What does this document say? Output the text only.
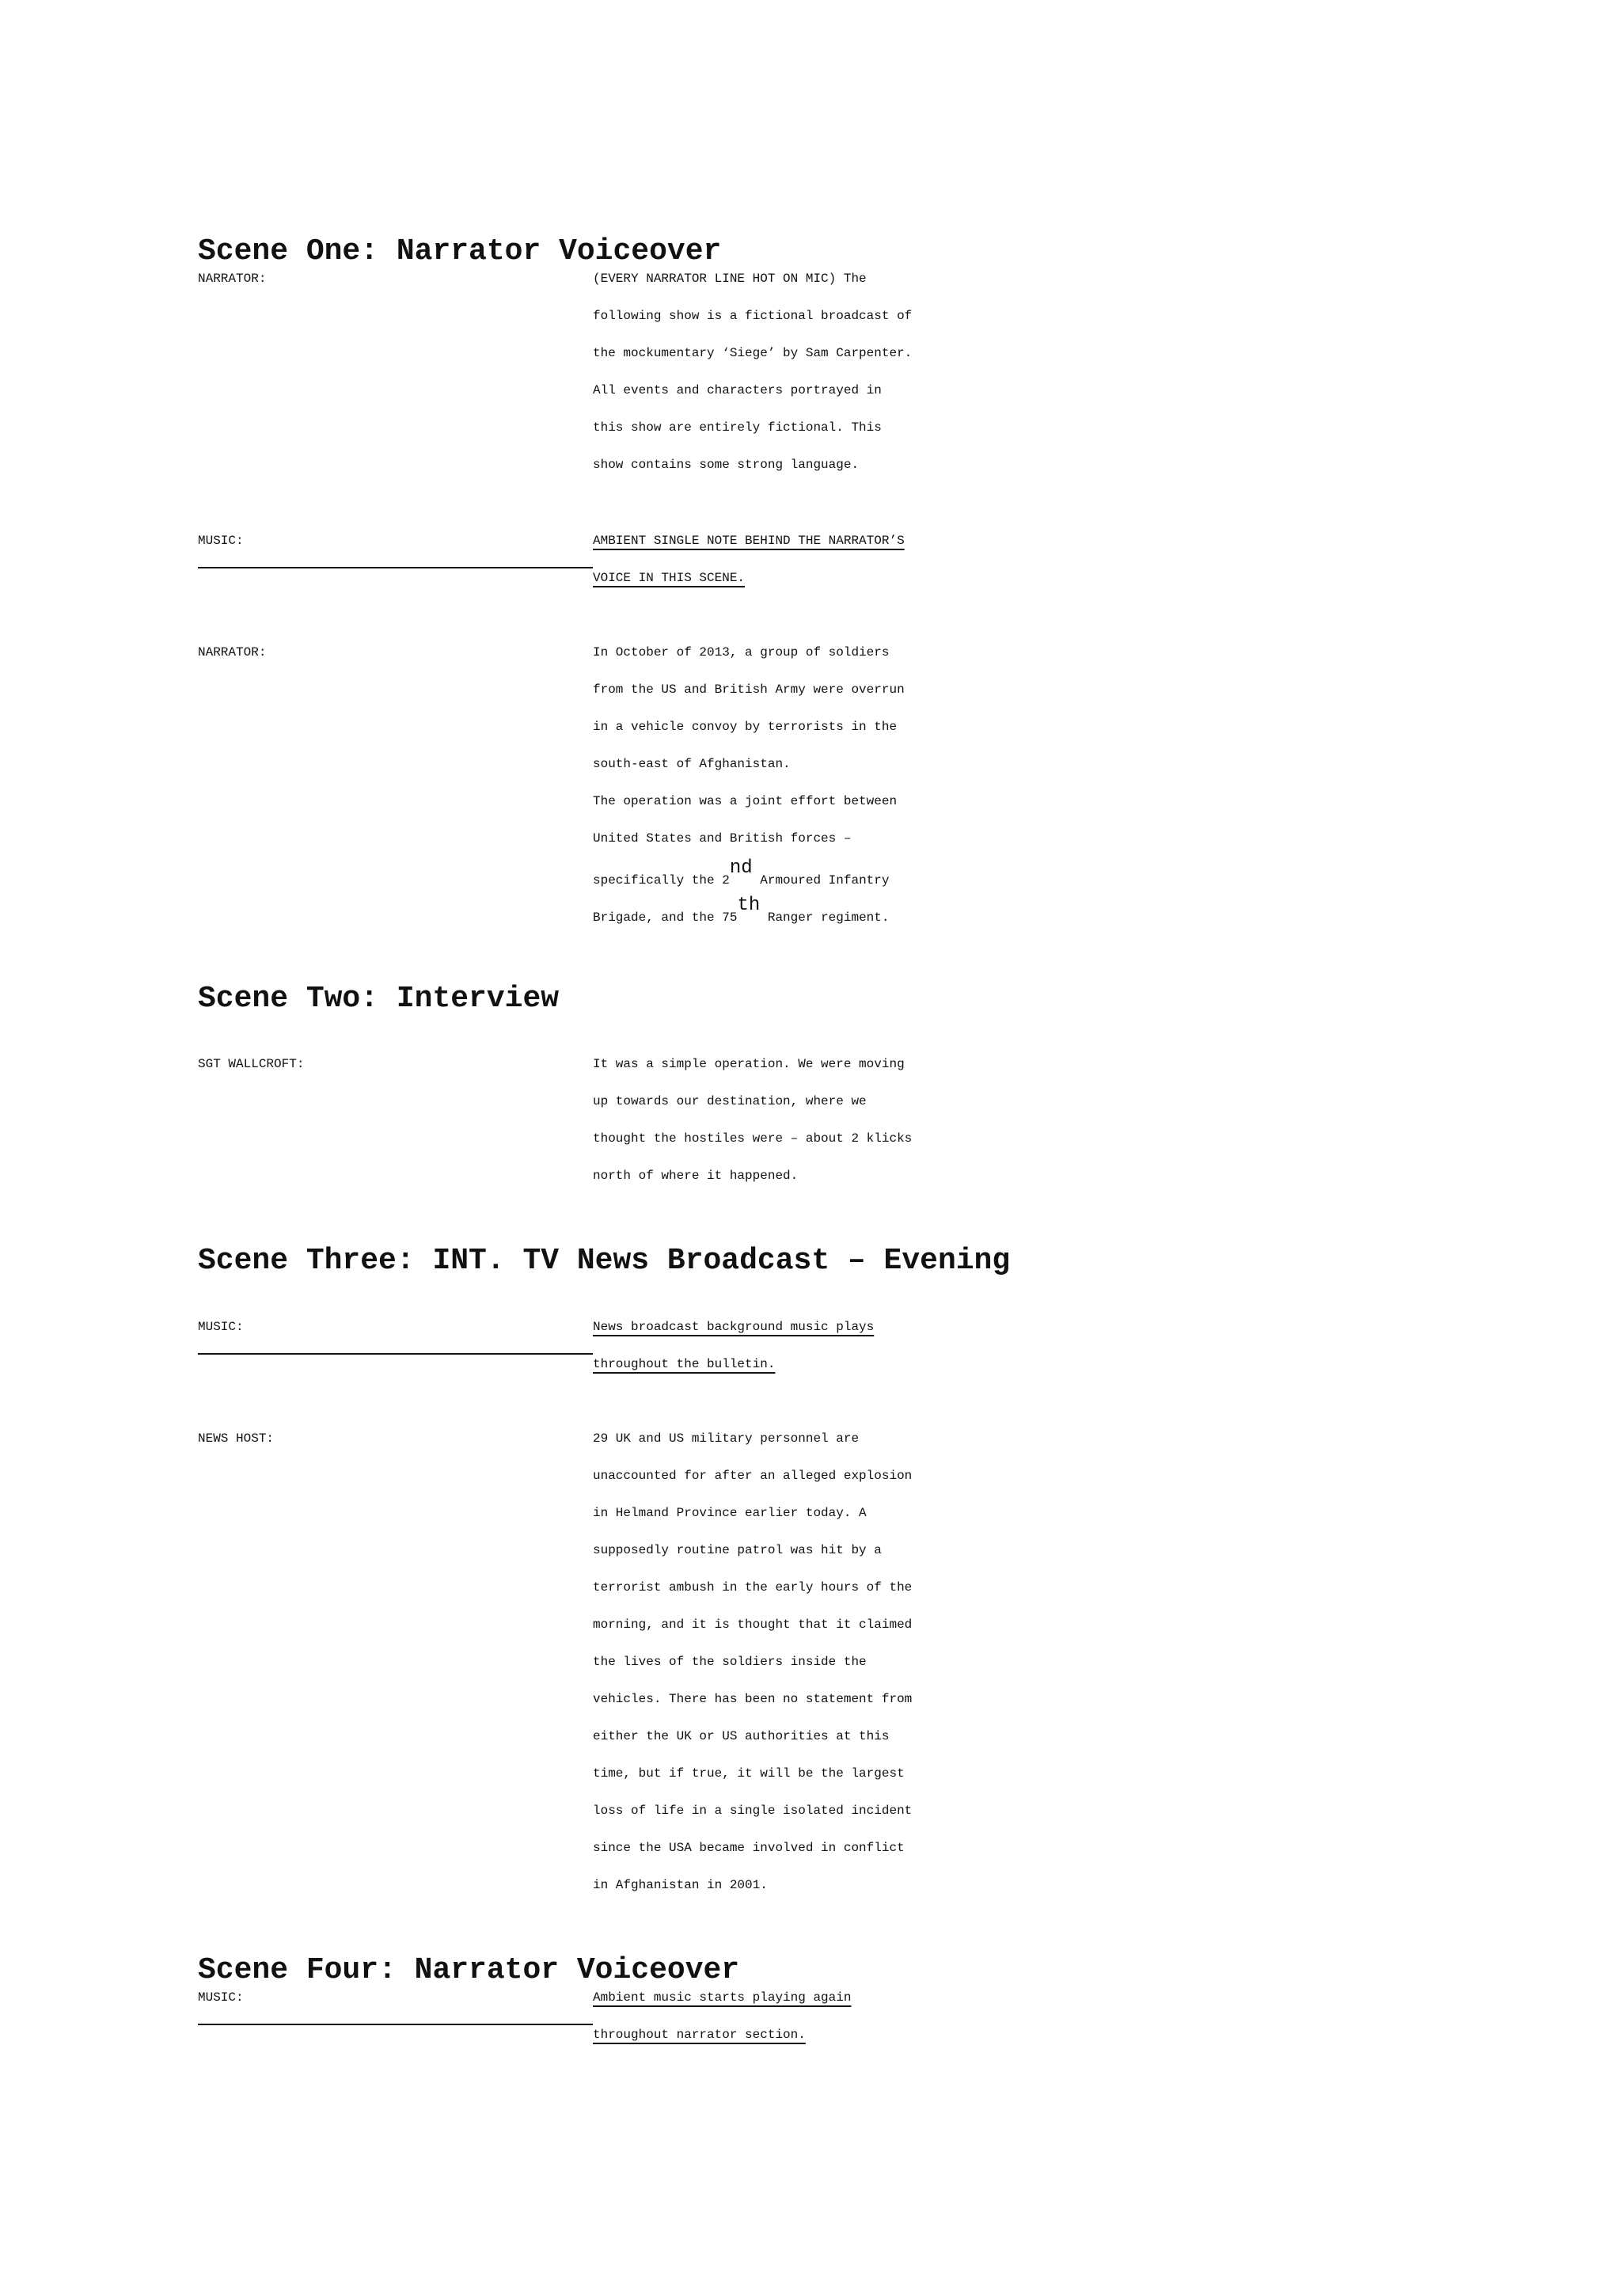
Scene One: Narrator Voiceover
NARRATOR:	(EVERY NARRATOR LINE HOT ON MIC) The
following show is a fictional broadcast of
the mockumentary ‘Siege’ by Sam Carpenter.
All events and characters portrayed in
this show are entirely fictional. This
show contains some strong language.
MUSIC:	AMBIENT SINGLE NOTE BEHIND THE NARRATOR’S
VOICE IN THIS SCENE.
NARRATOR:	In October of 2013, a group of soldiers
from the US and British Army were overrun
in a vehicle convoy by terrorists in the
south-east of Afghanistan.
The operation was a joint effort between
United States and British forces –
specifically the 2nd Armoured Infantry
Brigade, and the 75th Ranger regiment.
Scene Two: Interview
SGT WALLCROFT:	It was a simple operation. We were moving
up towards our destination, where we
thought the hostiles were – about 2 klicks
north of where it happened.
Scene Three: INT. TV News Broadcast – Evening
MUSIC:	News broadcast background music plays
throughout the bulletin.
NEWS HOST:	29 UK and US military personnel are
unaccounted for after an alleged explosion
in Helmand Province earlier today. A
supposedly routine patrol was hit by a
terrorist ambush in the early hours of the
morning, and it is thought that it claimed
the lives of the soldiers inside the
vehicles. There has been no statement from
either the UK or US authorities at this
time, but if true, it will be the largest
loss of life in a single isolated incident
since the USA became involved in conflict
in Afghanistan in 2001.
Scene Four: Narrator Voiceover
MUSIC:	Ambient music starts playing again
throughout narrator section.
